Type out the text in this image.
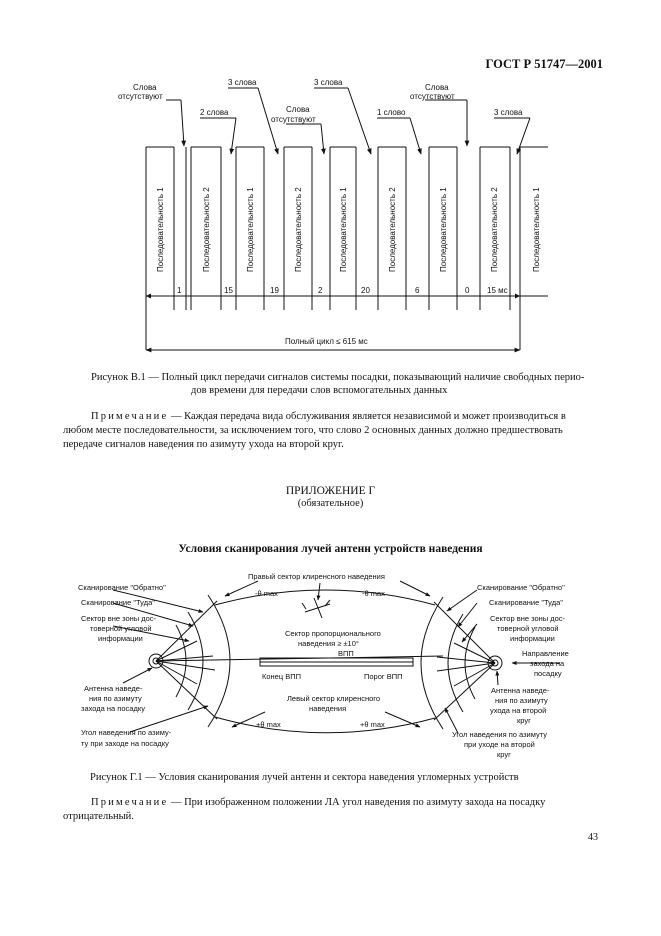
ГОСТ Р 51747—2001
Слова
отсутствуют
2 слова
3 слова
Слова
отсутствуют
3 слова
1 слово
Слова
отсутствуют
3 слова
Последовательность 1	Последовательность 2	Последовательность 1	Последовательность 2	Последовательность 1	Последовательность 2	Последовательность 1	Последовательность 2	Последовательность 1
1	15	19	2	20	6	0 15 мс
Полный цикл ≤ 615 мс
Рисунок В.1 — Полный цикл передачи сигналов системы посадки, показывающий наличие свободных перио-
дов времени для передачи слов вспомогательных данных
Примечание — Каждая передача вида обслуживания является независимой и может производиться в
любом месте последовательности, за исключением того, что слово 2 основных данных должно предшествовать
передаче сигналов наведения по азимуту ухода на второй круг.
ПРИЛОЖЕНИЕ Г
(обязательное)
Условия сканирования лучей антенн устройств наведения
Сканирование "Обратно"
Сканирование "Туда"
Сектор вне зоны дос-
товерной угловой
информации
Антенна наведе-
ния по азимуту
захода на посадку
Угол наведения по азиму-
ту при заходе на посадку
Сканирование "Обратно"
Сканирование "Туда"
Сектор вне зоны дос-
товерной угловой
информации
Направление
захода на
посадку
Антенна наведе-
ния по азимуту
ухода на второй
круг
Угол наведения по азимуту
при уходе на второй
круг
Правый сектор клиренсного наведения
-θ max	-θ max
Сектор пропорционального
наведения ≥ ±10°
ВПП
Конец ВПП	Порог ВПП
Левый сектор клиренсного
наведения
+θ max	+θ max
Рисунок Г.1 — Условия сканирования лучей антенн и сектора наведения угломерных устройств
Примечание — При изображенном положении ЛА угол наведения по азимуту захода на посадку
отрицательный.
43
